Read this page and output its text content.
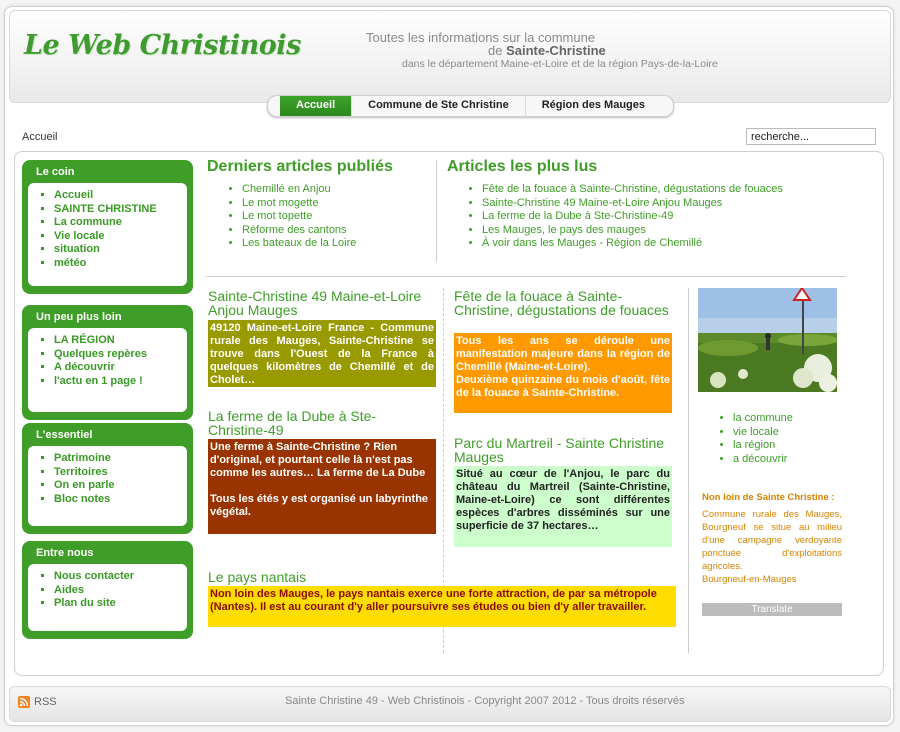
Le Web Christinois	Toutes les informations sur la commune
de Sainte-Christine
dans le département Maine-et-Loire et de la région Pays-de-la-Loire
Accueil	Commune de Ste Christine	Région des Mauges
Accueil
recherche...
Le coin
▪ Accueil
▪ SAINTE CHRISTINE
▪ La commune
▪ Vie locale
▪ situation
▪ météo
Un peu plus loin
▪ LA RÉGION
▪ Quelques repères
▪ A découvrir
▪ l'actu en 1 page !
L'essentiel
▪ Patrimoine
▪ Territoires
▪ On en parle
▪ Bloc notes
Entre nous
▪ Nous contacter
▪ Aides
▪ Plan du site
Derniers articles publiés
• Chemillé en Anjou
• Le mot mogette
• Le mot topette
• Réforme des cantons
• Les bateaux de la Loire
Articles les plus lus
• Fête de la fouace à Sainte-Christine, dégustations de fouaces
• Sainte-Christine 49 Maine-et-Loire Anjou Mauges
• La ferme de la Dube à Ste-Christine-49
• Les Mauges, le pays des mauges
• À voir dans les Mauges - Région de Chemillé
Sainte-Christine 49 Maine-et-Loire Anjou Mauges
49120 Maine-et-Loire France - Commune rurale des Mauges, Sainte-Christine se trouve dans l'Ouest de la France à quelques kilomètres de Chemillé et de Cholet…
Situation, infrastructures, histoire, monuments
Fête de la fouace à Sainte-Christine, dégustations de fouaces
Tous les ans se déroule une manifestation majeure dans la région de Chemillé (Maine-et-Loire).
Deuxième quinzaine du mois d'août, fête de la fouace à Sainte-Christine.
La ferme de la Dube à Ste-Christine-49
Une ferme à Sainte-Christine ? Rien d'original, et pourtant celle là n'est pas comme les autres… La ferme de La Dube
Tous les étés y est organisé un labyrinthe végétal.
Parc du Martreil - Sainte Christine Mauges
Situé au cœur de l'Anjou, le parc du château du Martreil (Sainte-Christine, Maine-et-Loire) ce sont différentes espèces d'arbres disséminés sur une superficie de 37 hectares…
Le pays nantais
Non loin des Mauges, le pays nantais exerce une forte attraction, de par sa métropole (Nantes). Il est au courant d'y aller poursuivre ses études ou bien d'y aller travailler.
• la commune
• vie locale
• la région
• a découvrir
Non loin de Sainte Christine :
Commune rurale des Mauges, Bourgneuf se situe au milieu d'une campagne verdoyante ponctuée d'exploitations agricoles.
Bourgneuf-en-Mauges
Translate
RSS	Sainte Christine 49 - Web Christinois - Copyright 2007 2012 - Tous droits réservés
